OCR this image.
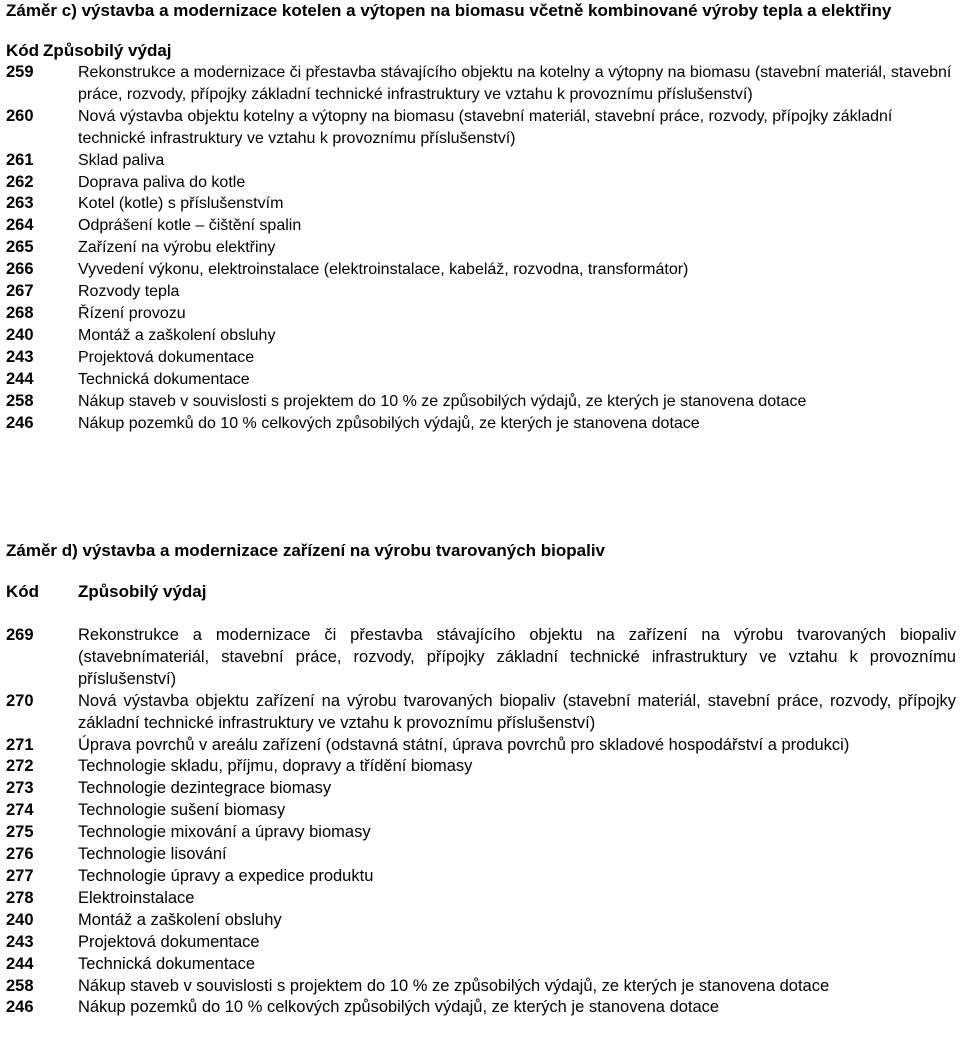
Záměr c) výstavba a modernizace kotelen a výtopen na biomasu včetně kombinované výroby tepla a elektřiny

Kód Způsobilý výdaj
259	Rekonstrukce a modernizace či přestavba stávajícího objektu na kotelny a výtopny na biomasu (stavební materiál, stavební práce, rozvody, přípojky základní technické infrastruktury ve vztahu k provoznímu příslušenství)
260	Nová výstavba objektu kotelny a výtopny na biomasu (stavební materiál, stavební práce, rozvody, přípojky základní technické infrastruktury ve vztahu k provoznímu příslušenství)
261	Sklad paliva
262	Doprava paliva do kotle
263	Kotel (kotle) s příslušenstvím
264	Odprášení kotle – čištění spalin
265	Zařízení na výrobu elektřiny
266	Vyvedení výkonu, elektroinstalace (elektroinstalace, kabeláž, rozvodna, transformátor)
267	Rozvody tepla
268	Řízení provozu
240	Montáž a zaškolení obsluhy
243	Projektová dokumentace
244	Technická dokumentace
258	Nákup staveb v souvislosti s projektem do 10 % ze způsobilých výdajů, ze kterých je stanovena dotace
246	Nákup pozemků do 10 % celkových způsobilých výdajů, ze kterých je stanovena dotace

Záměr d) výstavba a modernizace zařízení na výrobu tvarovaných biopaliv

Kód	Způsobilý výdaj
269	Rekonstrukce a modernizace či přestavba stávajícího objektu na zařízení na výrobu tvarovaných biopaliv (stavebnímateriál, stavební práce, rozvody, přípojky základní technické infrastruktury ve vztahu k provoznímu příslušenství)
270	Nová výstavba objektu zařízení na výrobu tvarovaných biopaliv (stavební materiál, stavební práce, rozvody, přípojky základní technické infrastruktury ve vztahu k provoznímu příslušenství)
271	Úprava povrchů v areálu zařízení (odstavná státní, úprava povrchů pro skladové hospodářství a produkci)
272	Technologie skladu, příjmu, dopravy a třídění biomasy
273	Technologie dezintegrace biomasy
274	Technologie sušení biomasy
275	Technologie mixování a úpravy biomasy
276	Technologie lisování
277	Technologie úpravy a expedice produktu
278	Elektroinstalace
240	Montáž a zaškolení obsluhy
243	Projektová dokumentace
244	Technická dokumentace
258	Nákup staveb v souvislosti s projektem do 10 % ze způsobilých výdajů, ze kterých je stanovena dotace
246	Nákup pozemků do 10 % celkových způsobilých výdajů, ze kterých je stanovena dotace
